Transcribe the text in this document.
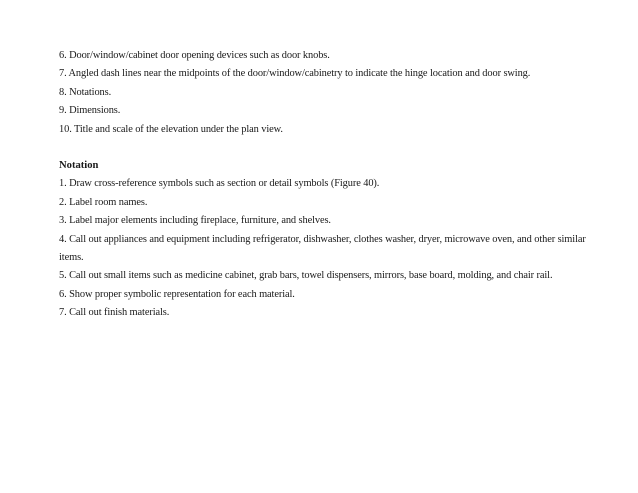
6. Door/window/cabinet door opening devices such as door knobs.
7. Angled dash lines near the midpoints of the door/window/cabinetry to indicate the hinge location and door swing.
8. Notations.
9. Dimensions.
10. Title and scale of the elevation under the plan view.
Notation
1. Draw cross-reference symbols such as section or detail symbols (Figure 40).
2. Label room names.
3. Label major elements including fireplace, furniture, and shelves.
4. Call out appliances and equipment including refrigerator, dishwasher, clothes washer, dryer, microwave oven, and other similar
items.
5. Call out small items such as medicine cabinet, grab bars, towel dispensers, mirrors, base board, molding, and chair rail.
6. Show proper symbolic representation for each material.
7. Call out finish materials.
